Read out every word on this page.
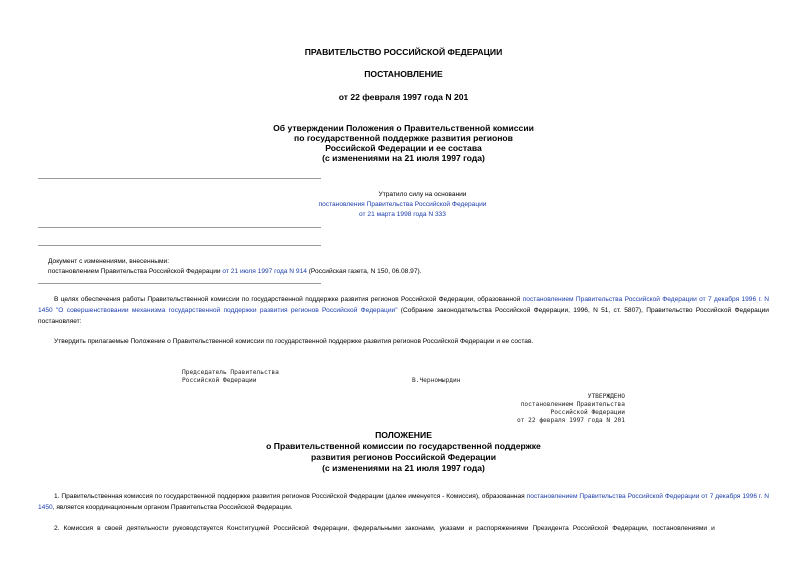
ПРАВИТЕЛЬСТВО РОССИЙСКОЙ ФЕДЕРАЦИИ
ПОСТАНОВЛЕНИЕ
от 22 февраля 1997 года N 201
Об утверждении Положения о Правительственной комиссии
по государственной поддержке развития регионов
Российской Федерации и ее состава
(с изменениями на 21 июля 1997 года)
Утратило силу на основании
постановления Правительства Российской Федерации
от 21 марта 1998 года N 333
Документ с изменениями, внесенными:
постановлением Правительства Российской Федерации от 21 июля 1997 года N 914 (Российская газета, N 150, 06.08.97).
В целях обеспечения работы Правительственной комиссии по государственной поддержке развития регионов Российской Федерации, образованной постановлением Правительства Российской Федерации от 7 декабря 1996 г. N 1450 "О совершенствовании механизма государственной поддержки развития регионов Российской Федерации" (Собрание законодательства Российской Федерации, 1996, N 51, ст. 5807), Правительство Российской Федерации постановляет:
Утвердить прилагаемые Положение о Правительственной комиссии по государственной поддержке развития регионов Российской Федерации и ее состав.
Председатель Правительства
Российской Федерации	В.Черномырдин
УТВЕРЖДЕНО
постановлением Правительства
Российской Федерации
от 22 февраля 1997 года N 201
ПОЛОЖЕНИЕ
о Правительственной комиссии по государственной поддержке
развития регионов Российской Федерации
(с изменениями на 21 июля 1997 года)
1. Правительственная комиссия по государственной поддержке развития регионов Российской Федерации (далее именуется - Комиссия), образованная постановлением Правительства Российской Федерации от 7 декабря 1996 г. N 1450, является координационным органом Правительства Российской Федерации.
2. Комиссия в своей деятельности руководствуется Конституцией Российской Федерации, федеральными законами, указами и распоряжениями Президента Российской Федерации, постановлениями и
